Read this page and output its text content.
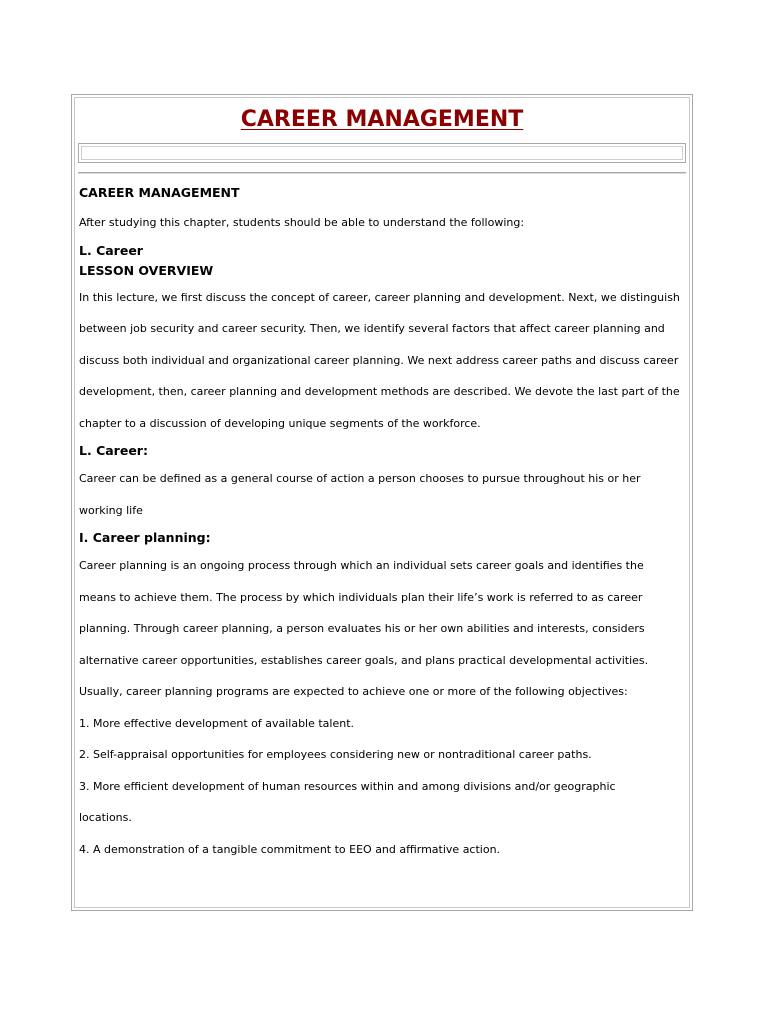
CAREER MANAGEMENT

CAREER MANAGEMENT

After studying this chapter, students should be able to understand the following:

L. Career

LESSON OVERVIEW

In this lecture, we first discuss the concept of career, career planning and development. Next, we distinguish

between job security and career security. Then, we identify several factors that affect career planning and

discuss both individual and organizational career planning. We next address career paths and discuss career

development, then, career planning and development methods are described. We devote the last part of the

chapter to a discussion of developing unique segments of the workforce.

L. Career:

Career can be defined as a general course of action a person chooses to pursue throughout his or her

working life

I. Career planning:

Career planning is an ongoing process through which an individual sets career goals and identifies the

means to achieve them. The process by which individuals plan their life’s work is referred to as career

planning. Through career planning, a person evaluates his or her own abilities and interests, considers

alternative career opportunities, establishes career goals, and plans practical developmental activities.

Usually, career planning programs are expected to achieve one or more of the following objectives:

1. More effective development of available talent.

2. Self-appraisal opportunities for employees considering new or nontraditional career paths.

3. More efficient development of human resources within and among divisions and/or geographic

locations.

4. A demonstration of a tangible commitment to EEO and affirmative action.
